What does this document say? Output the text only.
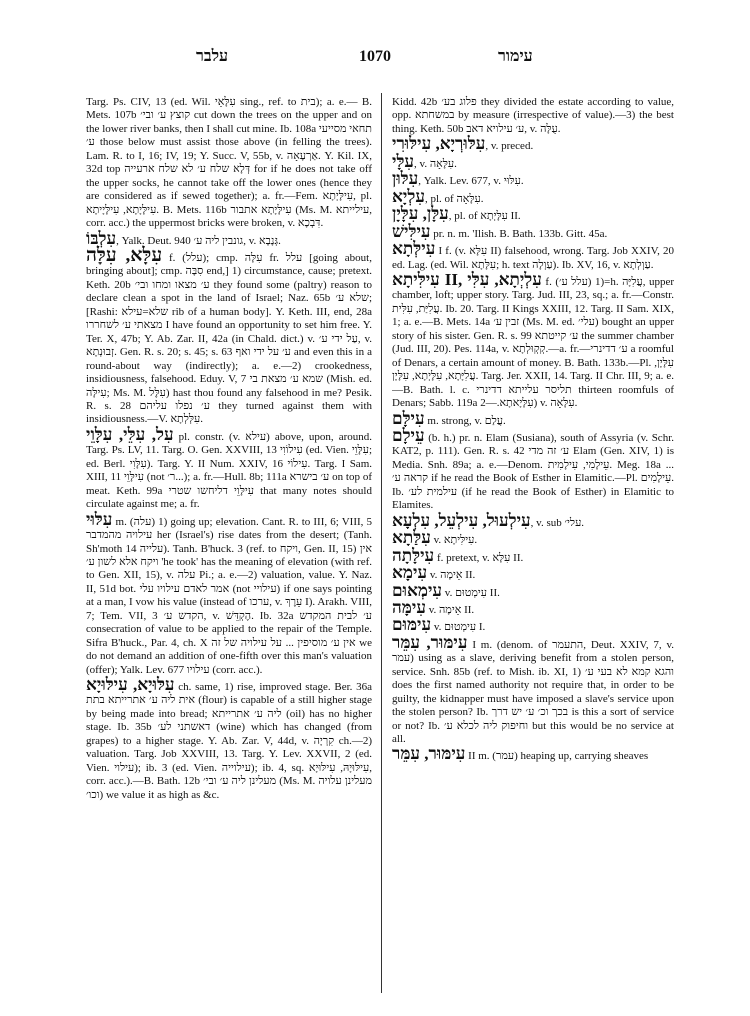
עלבר	1070	עימור

Targ. Ps. CIV, 13 (ed. Wil. עִלָּאֵי sing., ref. to בית); a. e.— B. Mets. 107b קוצץ ע׳ ובי׳ cut down the trees on the upper and on the lower river banks, then I shall cut mine. Ib. 108a תחאי מסייעי ע׳ those below must assist those above (in felling the trees). Lam. R. to I, 16; IV, 19; Y. Succ. V, 55b, v. אַרְעָאָה. Y. Kil. IX, 32d top דְּלָא שלח ע׳ לא שלח ארעייה for if he does not take off the upper socks, he cannot take off the lower ones (hence they are considered as if sewed together); a. fr.—Fem. עִילָּיְתָא, pl. עִילָּיָתָא, עִילָּיָיתָא. B. Mets. 116b עִילָּיָתָא אתבור (Ms. M. עילייתא, corr. acc.) the uppermost bricks were broken, v. דִּבְכָא.

עִלְבּוֹ, Yalk. Deut. 940 גונבין ליה ע׳, v. גְּנָבָא.

עִלָּא, עִלָּה f. (עלל); cmp. עִלָּה fr. עלל [going about, bringing about]; cmp. סִבָּה end,] 1) circumstance, cause; pretext. Keth. 20b ע׳ מצאו ומחו ובי׳ they found some (paltry) reason to declare clean a spot in the land of Israel; Naz. 65b שלא ע׳; [Rashi: שלא=עילא rib of a human body]. Y. Keth. III, end, 28a מצאתי ע׳ לשחררו I have found an opportunity to set him free. Y. Ter. X, 47b; Y. Ab. Zar. II, 42a (in Chald. dict.) v. עַל ידי ע׳, v. זְבוּנְתָא. Gen. R. s. 20; s. 45; s. 63 ע׳ על ידי ואף and even this in a round-about way (indirectly); a. e.—2) crookedness, insidiousness, falsehood. Eduy. V, 7 שמא ע׳ מצאת בי (Mish. ed. עִילָּה; Ms. M. עִלֶּל) hast thou found any falsehood in me? Pesik. R. s. 28 ע׳ נפלו עליהם they turned against them with insidiousness.—V. עִלְּלְתָא.

עִל, עִלֵּי, עִלָּוֵי pl. constr. (v. עילא) above, upon, around. Targ. Ps. LV, 11. Targ. O. Gen. XXVIII, 13 עִילוֹוִי (ed. Vien. עִלָּוֵי; ed. Berl. עִלָּוִי). Targ. Y. II Num. XXIV, 16 עִילוֹי. Targ. I Sam. XIII, 11 עִילָּוֵי (not ר׳...); a. fr.—Hull. 8b; 111a ע׳ בישרא on top of meat. Keth. 99a עִילָּוֵי דליחשו שטרי that many notes should circulate against me; a. fr.

עִלּוּי m. (עלה) 1) going up; elevation. Cant. R. to III, 6; VIII, 5 עילויה מהמדבר her (Israel's) rise dates from the desert; (Tanh. Sh'moth 14 עלייה). Tanh. B'huck. 3 (ref. to ויקח, Gen. II, 15) אין ויקח אלא לשון ע׳ 'he took' has the meaning of elevation (with ref. to Gen. XII, 15), v. עלה Pi.; a. e.—2) valuation, value. Y. Naz. II, 51d bot. אמר לאדם עילויו עלי (not עילויי) if one says pointing at a man, I vow his value (instead of ערכו, v. עֵרֶךְ I). Arakh. VIII, 7; Tem. VII, 3 הקדש ע׳, v. הֶקְדֵּשׁ. Ib. 32a ע׳ לבית המקדש consecration of value to be applied to the repair of the Temple. Sifra B'huck., Par. 4, ch. X אין ע׳ מוסיפין ... על עילויה של זה we do not demand an addition of one-fifth over this man's valuation (offer); Yalk. Lev. 677 עילויו (corr. acc.).

עִלּוּיָא, עִילּוּיָא ch. same, 1) rise, improved stage. Ber. 36a אית ליה ע׳ אתרייתא בתת (flour) is capable of a still higher stage by being made into bread; ליה ע׳ אתרייתא (oil) has no higher stage. Ib. 35b דאשתני לע׳ (wine) which has changed (from grapes) to a higher stage. Y. Ab. Zar. V, 44d, v. קִרְיָה ch.—2) valuation. Targ. Job XXVIII, 13. Targ. Y. Lev. XXVII, 2 (ed. Vien. עילוי); ib. 3 (ed. Vien. עילוייה); ib. 4, sq. עִילּוּיָהּ, עִילּוּיָא, corr. acc.).—B. Bath. 12b מעלינן ליה ע׳ ובי׳ (Ms. M. מעלינן עלויה וכו׳) we value it as high as &c.

Kidd. 42b פלוג בע׳ they divided the estate according to value, opp. במשחתא by measure (irrespective of value).—3) the best thing. Keth. 50b ע׳ עילויא דאב, v. עֻלָּה.

עִלּוּרְיָא, עִילּוּרִי, v. preced.

עִלָּי, v. עִלָּאָה.

עִלּוּן, Yalk. Lev. 677, v. עִלּוּי.

עִלְיָא, pl. of עִלָּאָה.

עִלָּן, עִלָּיָן, pl. of עִלָּיְתָא II.

עִילִּישׁ pr. n. m. 'Ilish. B. Bath. 133b. Gitt. 45a.

עִילְּתָא I f. (v. עִלָּא II) falsehood, wrong. Targ. Job XXIV, 20 ed. Lag. (ed. Wil. עִלָּתָא; h. text עַוְלָה). Ib. XV, 16, v. עַוְלְתָא.

עִילִּיתָא II, עִלְיְתָא, עִלִּי f. (עלל ע׳) 1)=h. עֲלִיָּה, upper chamber, loft; upper story. Targ. Jud. III, 23, sq.; a. fr.—Constr. עֲלִיַּת, עִלִּית. Ib. 20. Targ. II Kings XXIII, 12. Targ. II Sam. XIX, 1; a. e.—B. Mets. 14a זבין ע׳ (Ms. M. ed. עלי׳) bought an upper story of his sister. Gen. R. s. 99 ע׳ קייטתא the summer chamber (Jud. III, 20). Pes. 114a, v. קְקְוּלְתָא.—a. fr.—ע׳ דדינרי a roomful of Denars, a certain amount of money. B. Bath. 133b.—Pl. עִלָּיָן, עֲלִיָּתָא, עִלָּיְתָא, עִלָּיָן. Targ. Jer. XXII, 14. Targ. II Chr. III, 9; a. e.—B. Bath. l. c. תליסר עלייתא דדינרי thirteen roomfuls of Denars; Sabb. 119a עִלָּיָאתָא.—2) v. עִלָּאָה.

עִילָּם m. strong, v. עֲלַם.

עֵילָם (b. h.) pr. n. Elam (Susiana), south of Assyria (v. Schr. KAT2, p. 111). Gen. R. s. 42 ע׳ זה מדי Elam (Gen. XIV, 1) is Media. Snh. 89a; a. e.—Denom. עֵילָמִי, עִילָמִית. Meg. 18a ... קראה ע׳ if he read the Book of Esther in Elamitic.—Pl. עֵילָמִים. Ib. עילמית לע׳ (if he read the Book of Esther) in Elamitic to Elamites.

עִילְעוּל, עִילְעֵל, עִלְעָא, v. sub עלי׳.

עִלַּתָא v. עִילִּיתָא.

עִילָּתָה f. pretext, v. עִלָּא II.

עִימָא v. אֵימָה II.

עִימְאוּם v. עִימְטוּם II.

עִימָּה v. אֵימָה II.

עִימּוּם v. עִימְטוּם I.

עִימּוּר, עִמֵּר I m. (denom. of התעמר, Deut. XXIV, 7, v. עמר) using as a slave, deriving benefit from a stolen person, service. Snh. 85b (ref. to Mish. ib. XI, 1) והגא קמא לא בעי ע׳ does the first named authority not require that, in order to be guilty, the kidnapper must have imposed a slave's service upon the stolen person? Ib. בכך וכ׳ ע׳ יש דרך is this a sort of service or not? Ib. וחיפוק ליה לכלא ע׳ but this would be no service at all.

עִימּוּר, עִמֵּר II m. (עמר) heaping up, carrying sheaves
